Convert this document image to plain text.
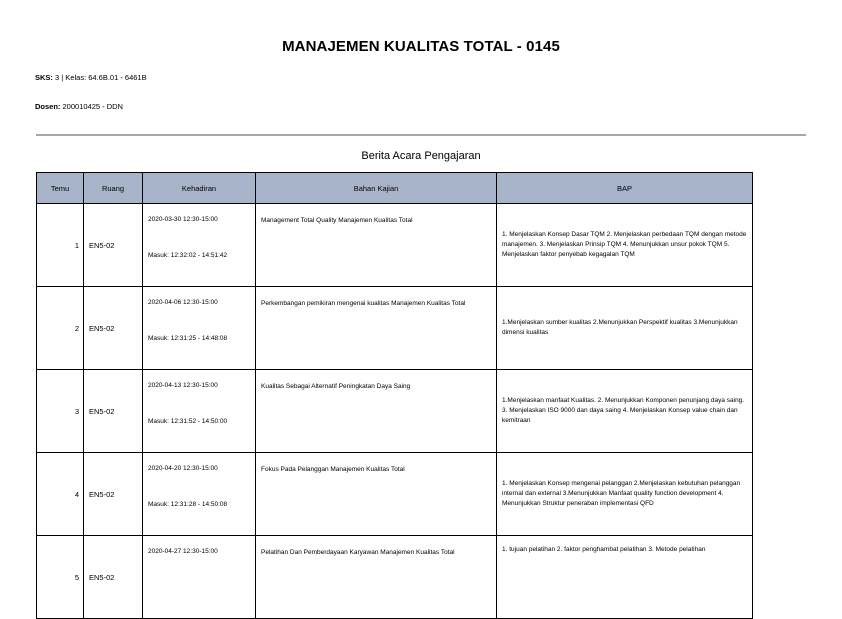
MANAJEMEN KUALITAS TOTAL - 0145
SKS: 3 | Kelas: 64.6B.01 - 6461B
Dosen: 200010425 - DDN
Berita Acara Pengajaran
Temu	Ruang	Kehadiran	Bahan Kajian	BAP
1	EN5-02	2020-03-30 12:30-15:00
Masuk: 12:32:02 - 14:51:42	Management Total Quality Manajemen Kualitas Total	1. Menjelaskan Konsep Dasar TQM 2. Menjelaskan perbedaan TQM dengan metode manajemen. 3. Menjelaskan Prinsip TQM 4. Menunjukkan unsur pokok TQM 5. Menjelaskan faktor penyebab kegagalan TQM
2	EN5-02	2020-04-06 12:30-15:00
Masuk: 12:31:25 - 14:48:08	Perkembangan pemikiran mengenai kualitas Manajemen Kualitas Total	1.Menjelaskan sumber kualitas 2.Menunjukkan Perspektif kualitas 3.Menunjukkan dimensi kualitas
3	EN5-02	2020-04-13 12:30-15:00
Masuk: 12:31:52 - 14:50:00	Kualitas Sebagai Alternatif Peningkatan Daya Saing	1.Menjelaskan manfaat Kualitas. 2. Menunjukkan Komponen penunjang daya saing. 3. Menjelaskan ISO 9000 dan daya saing 4. Menjelaskan Konsep value chain dan kemitraan
4	EN5-02	2020-04-20 12:30-15:00
Masuk: 12:31:28 - 14:50:08	Fokus Pada Pelanggan Manajemen Kualitas Total	1. Menjelaskan Konsep mengenai pelanggan 2.Menjelaskan kebutuhan pelanggan internal dan external 3.Menunjukkan Manfaat quality function development 4. Menunjukkan Struktur peneraban implementasi QFD
5	EN5-02	2020-04-27 12:30-15:00	Pelatihan Dan Pemberdayaan Karyawan Manajemen Kualitas Total	1. tujuan pelatihan 2. faktor penghambat pelatihan 3. Metode pelatihan
